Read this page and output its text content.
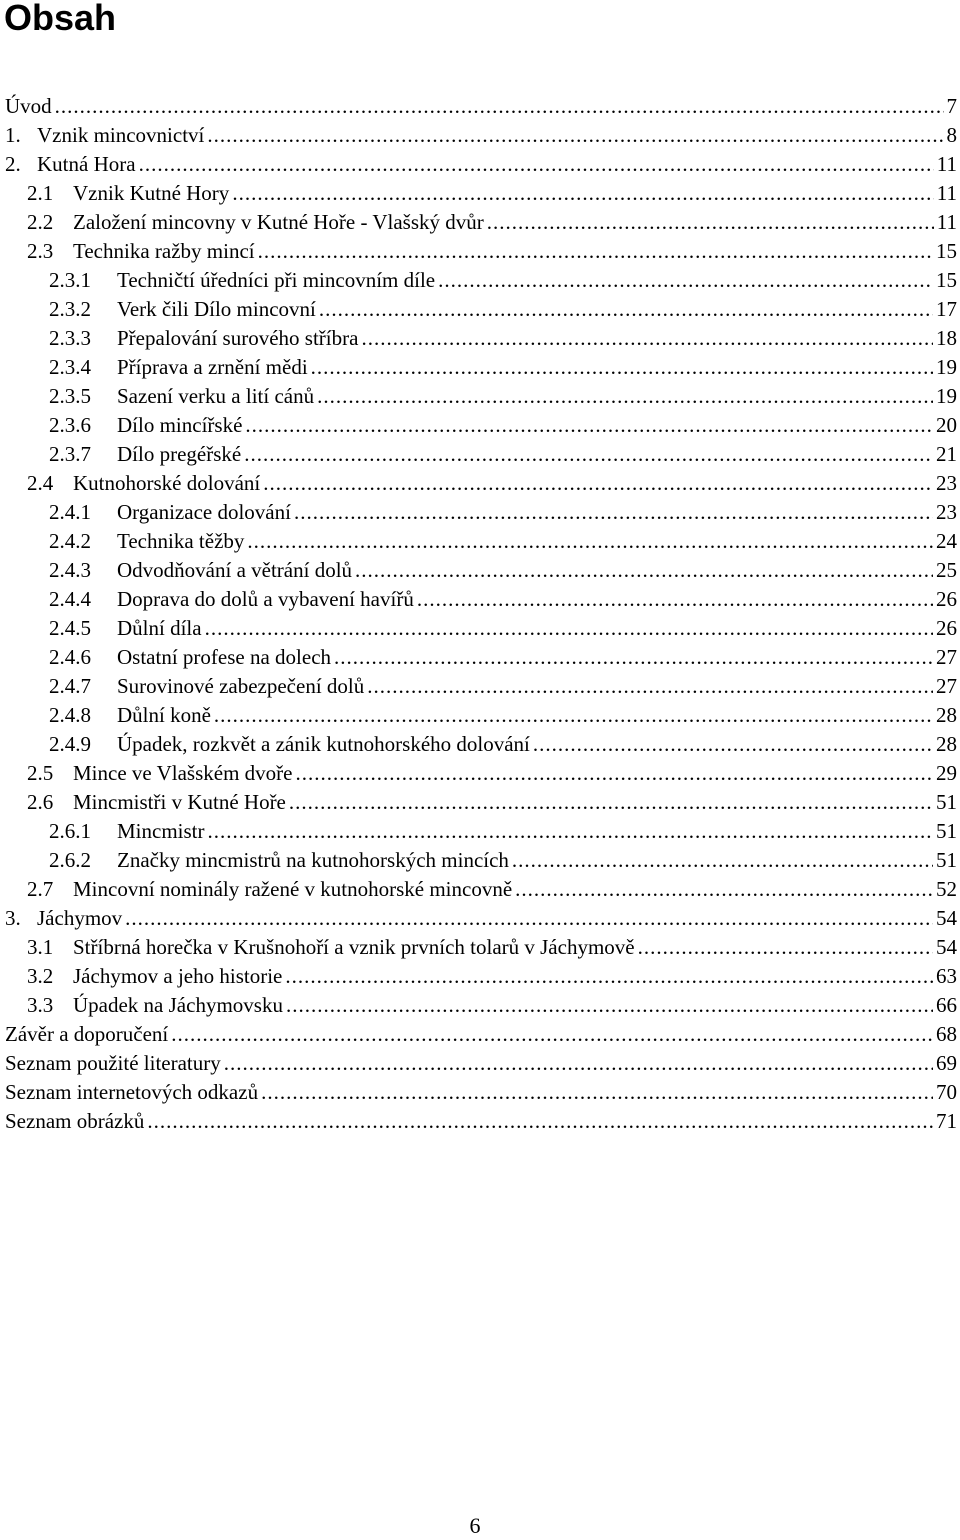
Obsah
Úvod .....	7
1. Vznik mincovnictví .....	8
2. Kutná Hora .....	11
2.1 Vznik Kutné Hory .....	11
2.2 Založení mincovny v Kutné Hoře - Vlašský dvůr .....	11
2.3 Technika ražby mincí .....	15
2.3.1	Techničtí úředníci při mincovním díle .....	15
2.3.2	Verk čili Dílo mincovní .....	17
2.3.3	Přepalování surového stříbra .....	18
2.3.4	Příprava a zrnění mědi .....	19
2.3.5	Sazení verku a lití cánů .....	19
2.3.6	Dílo mincířské .....	20
2.3.7	Dílo pregéřské .....	21
2.4 Kutnohorské dolování .....	23
2.4.1	Organizace dolování .....	23
2.4.2	Technika těžby .....	24
2.4.3	Odvodňování a větrání dolů .....	25
2.4.4	Doprava do dolů a vybavení havířů .....	26
2.4.5	Důlní díla .....	26
2.4.6	Ostatní profese na dolech .....	27
2.4.7	Surovinové zabezpečení dolů .....	27
2.4.8	Důlní koně .....	28
2.4.9	Úpadek, rozkvět a zánik kutnohorského dolování .....	28
2.5 Mince ve Vlašském dvoře .....	29
2.6 Mincmistři v Kutné Hoře .....	51
2.6.1	Mincmistr .....	51
2.6.2	Značky mincmistrů na kutnohorských mincích .....	51
2.7 Mincovní nominály ražené v kutnohorské mincovně .....	52
3. Jáchymov .....	54
3.1 Stříbrná horečka v Krušnohoří a vznik prvních tolarů v Jáchymově .....	54
3.2 Jáchymov a jeho historie .....	63
3.3 Úpadek na Jáchymovsku .....	66
Závěr a doporučení .....	68
Seznam použité literatury .....	69
Seznam internetových odkazů .....	70
Seznam obrázků .....	71
6
